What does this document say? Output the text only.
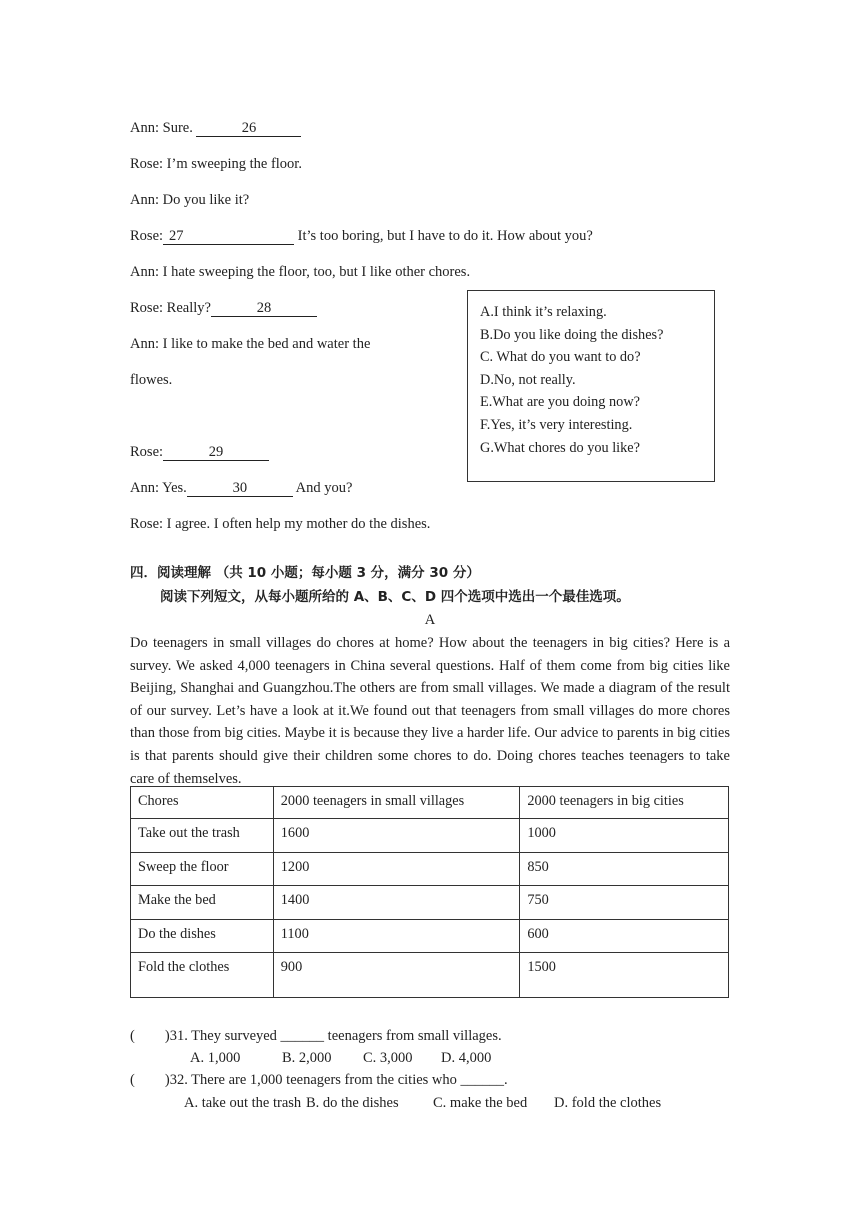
Ann: Sure.	26
Rose: I’m sweeping the floor.
Ann: Do you like it?
Rose: 27	It’s too boring, but I have to do it. How about you?
Ann: I hate sweeping the floor, too, but I like other chores.
Rose: Really?	28
Ann: I like to make the bed and water the
flowes.
Rose:	29
Ann: Yes.	30	And you?
Rose: I agree. I often help my mother do the dishes.
A.I think it’s relaxing.
B.Do you like doing the dishes?
C. What do you want to do?
D.No, not really.
E.What are you doing now?
F.Yes, it’s very interesting.
G.What chores do you like?
四．阅读理解 （共 10 小题；每小题 3 分，满分 30 分）
阅读下列短文，从每小题所给的 A、B、C、D 四个选项中选出一个最佳选项。
A
Do teenagers in small villages do chores at home? How about the teenagers in big cities? Here is a survey. We asked 4,000 teenagers in China several questions. Half of them come from big cities like Beijing, Shanghai and Guangzhou.The others are from small villages. We made a diagram of the result of our survey. Let’s have a look at it.We found out that teenagers from small villages do more chores than those from big cities. Maybe it is because they live a harder life. Our advice to parents in big cities is that parents should give their children some chores to do. Doing chores teaches teenagers to take care of themselves.
Chores	2000 teenagers in small villages	2000 teenagers in big cities
Take out the trash	1600	1000
Sweep the floor	1200	850
Make the bed	1400	750
Do the dishes	1100	600
Fold the clothes	900	1500
( )31. They surveyed ______ teenagers from small villages.
A. 1,000	B. 2,000 C. 3,000 D. 4,000
( )32. There are 1,000 teenagers from the cities who ______.
A. take out the trash B. do the dishes C. make the bed D. fold the clothes
